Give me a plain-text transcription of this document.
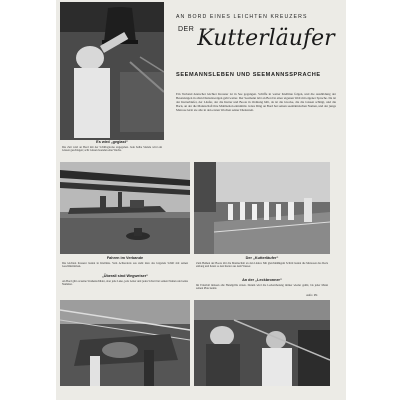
AN BORD EINES LEICHTEN KREUZERS
$^{DER}$ Kutterläufer
SEEMANNSLEBEN UND SEEMANNSSPRACHE
Ein Verband deutscher leichter Kreuzer ist in See gegangen. Schiffe in weiter Kiellinie folgen, und die Ausbildung der Besatzungen in allen Dienstzweigen geht weiter. Der Seemann lebt an Bord in einer eigenen Welt mit eigener Sprache. Da ist der Kutterläufer, der Läufer, der die Kutter und Boote in Ordnung hält, da ist die Glocke, die die Glasen schlägt, und die Back, an der die Mannschaft ihre Mahlzeiten einnimmt. Jedes Ding an Bord hat seinen seemännischen Namen, und der junge Matrose lernt sie alle in den ersten Wochen seiner Dienstzeit.
Es wird „geglast“
Die Zeit wird an Bord mit der Schiffsglocke angegeben. Jede halbe Stunde wird ein Glasen geschlagen; acht Glasen beenden eine Wache.
Fahren im Verbande
Die leichten Kreuzer laufen in Kiellinie. Vom Achterdeck aus sieht man das folgende Schiff mit seinen Geschütztürmen.
„Überall sind Wegweiser“
An Bord gibt es keine Straßenschilder, aber jede Luke, jede Leiter und jedes Schott hat seinen Namen und seine Nummer.
Der „Kutterläufer“
Zum Heißen der Boote tritt die Mannschaft an den Läufer. Mit gleichmäßigem Schritt laufen die Matrosen das Deck entlang und holen so den Kutter aus dem Wasser.
An der „Leckbronner“
Im Ernstfall müssen alle Handgriffe sitzen. Darum wird die Lecksicherung immer wieder geübt, bis jeder Mann seinen Platz kennt.
Aufn.: PK
